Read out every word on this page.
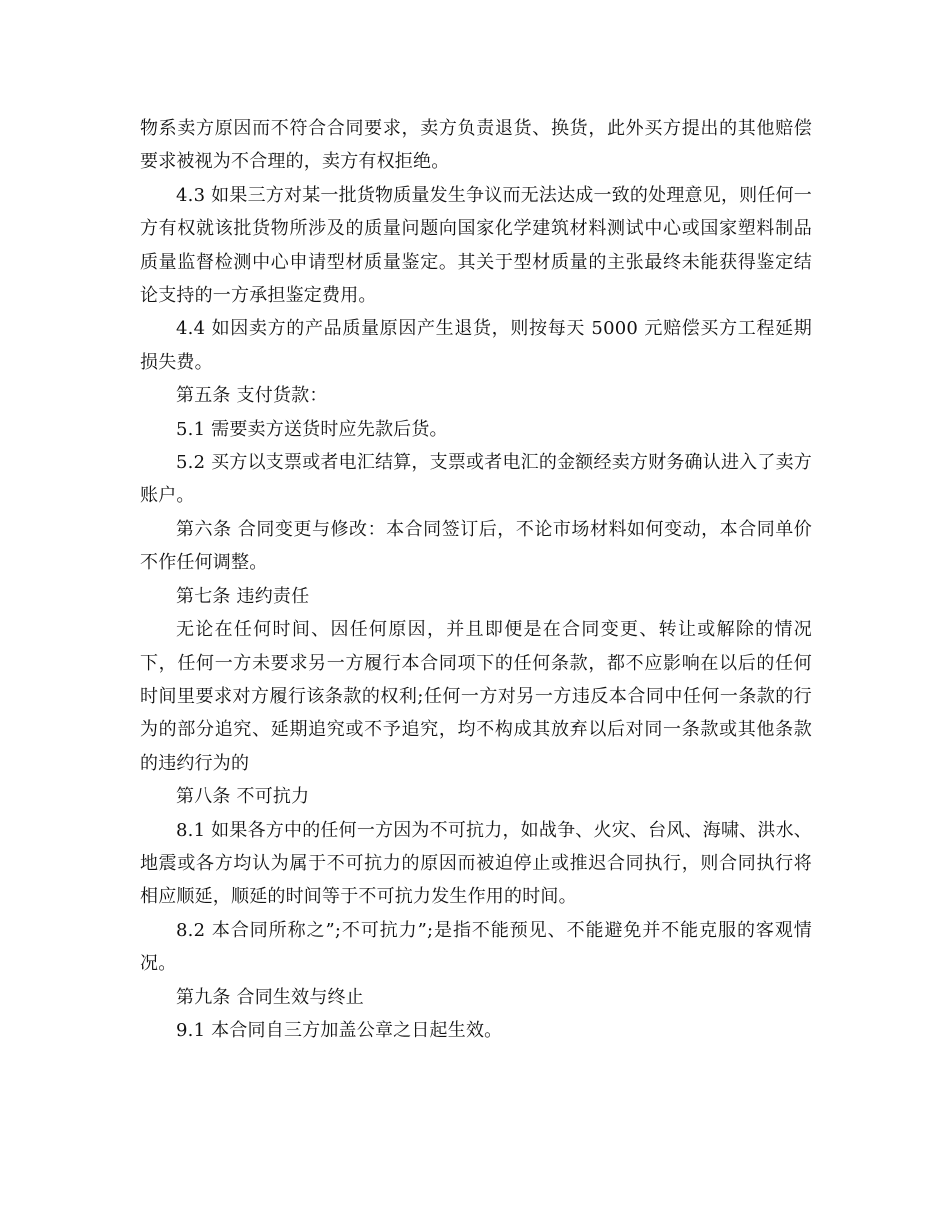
物系卖方原因而不符合合同要求，卖方负责退货、换货，此外买方提出的其他赔偿要求被视为不合理的，卖方有权拒绝。

4.3 如果三方对某一批货物质量发生争议而无法达成一致的处理意见，则任何一方有权就该批货物所涉及的质量问题向国家化学建筑材料测试中心或国家塑料制品质量监督检测中心申请型材质量鉴定。其关于型材质量的主张最终未能获得鉴定结论支持的一方承担鉴定费用。

4.4 如因卖方的产品质量原因产生退货，则按每天 5000 元赔偿买方工程延期损失费。

第五条 支付货款：

5.1 需要卖方送货时应先款后货。

5.2 买方以支票或者电汇结算，支票或者电汇的金额经卖方财务确认进入了卖方账户。

第六条 合同变更与修改：本合同签订后，不论市场材料如何变动，本合同单价不作任何调整。

第七条 违约责任

无论在任何时间、因任何原因，并且即便是在合同变更、转让或解除的情况下，任何一方未要求另一方履行本合同项下的任何条款，都不应影响在以后的任何时间里要求对方履行该条款的权利;任何一方对另一方违反本合同中任何一条款的行为的部分追究、延期追究或不予追究，均不构成其放弃以后对同一条款或其他条款的违约行为的

第八条 不可抗力

8.1 如果各方中的任何一方因为不可抗力，如战争、火灾、台风、海啸、洪水、地震或各方均认为属于不可抗力的原因而被迫停止或推迟合同执行，则合同执行将相应顺延，顺延的时间等于不可抗力发生作用的时间。

8.2 本合同所称之”;不可抗力”;是指不能预见、不能避免并不能克服的客观情况。

第九条 合同生效与终止

9.1 本合同自三方加盖公章之日起生效。
